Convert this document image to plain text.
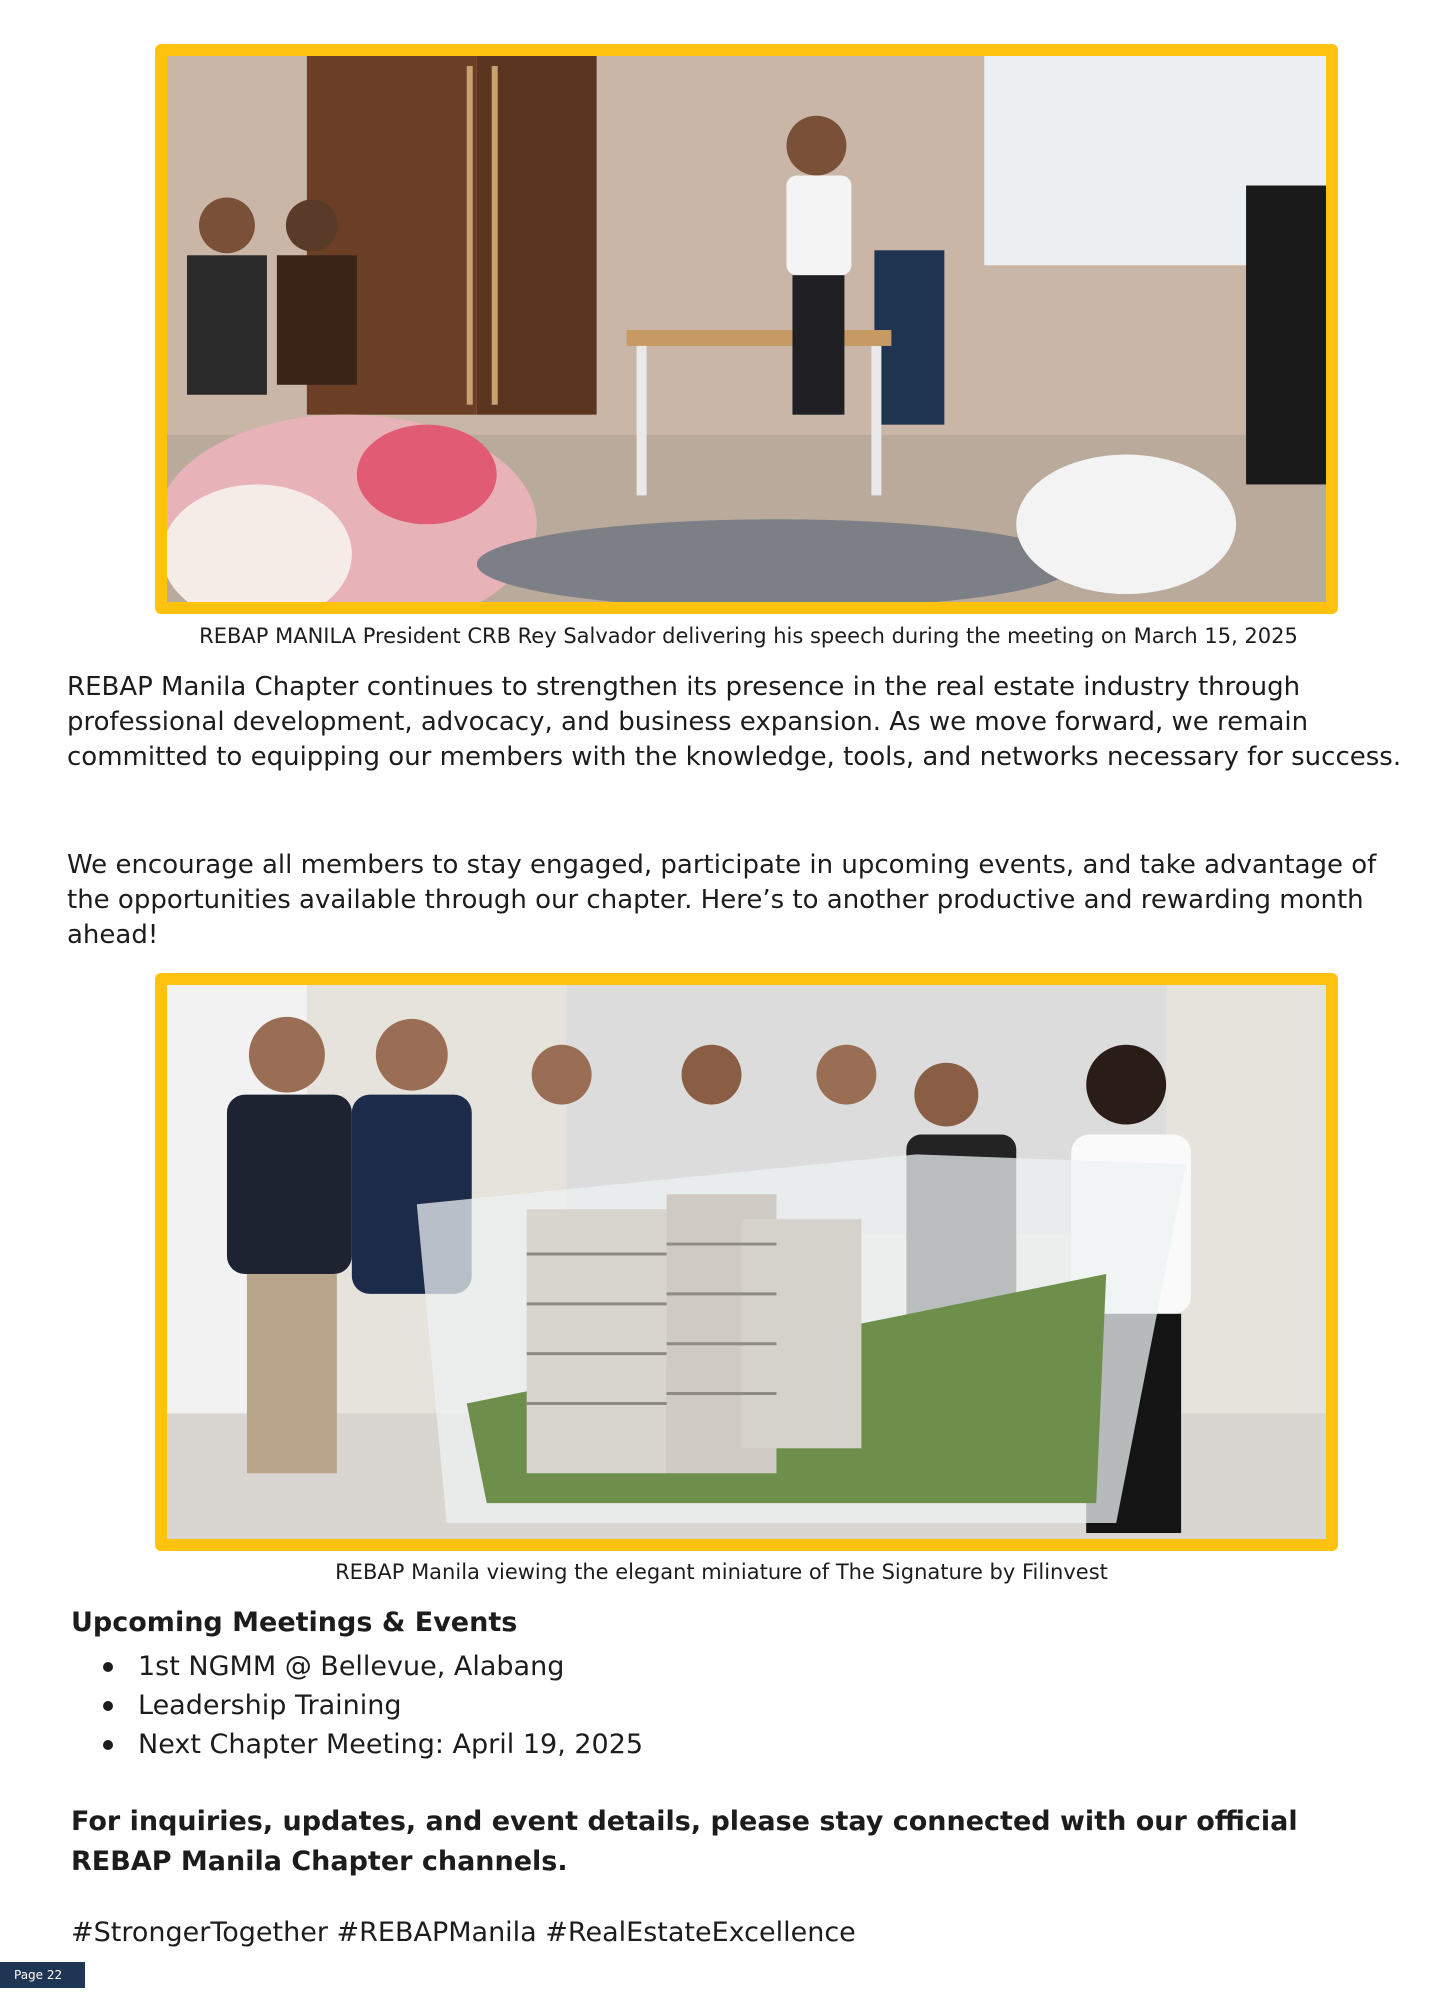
REBAP MANILA President CRB Rey Salvador delivering his speech during the meeting on March 15, 2025

REBAP Manila Chapter continues to strengthen its presence in the real estate industry through professional development, advocacy, and business expansion. As we move forward, we remain committed to equipping our members with the knowledge, tools, and networks necessary for success.

We encourage all members to stay engaged, participate in upcoming events, and take advantage of the opportunities available through our chapter. Here’s to another productive and rewarding month ahead!

REBAP Manila viewing the elegant miniature of The Signature by Filinvest
Upcoming Meetings & Events
1st NGMM @ Bellevue, Alabang
Leadership Training
Next Chapter Meeting: April 19, 2025

For inquiries, updates, and event details, please stay connected with our official REBAP Manila Chapter channels.

#StrongerTogether #REBAPManila #RealEstateExcellence

Page 22
